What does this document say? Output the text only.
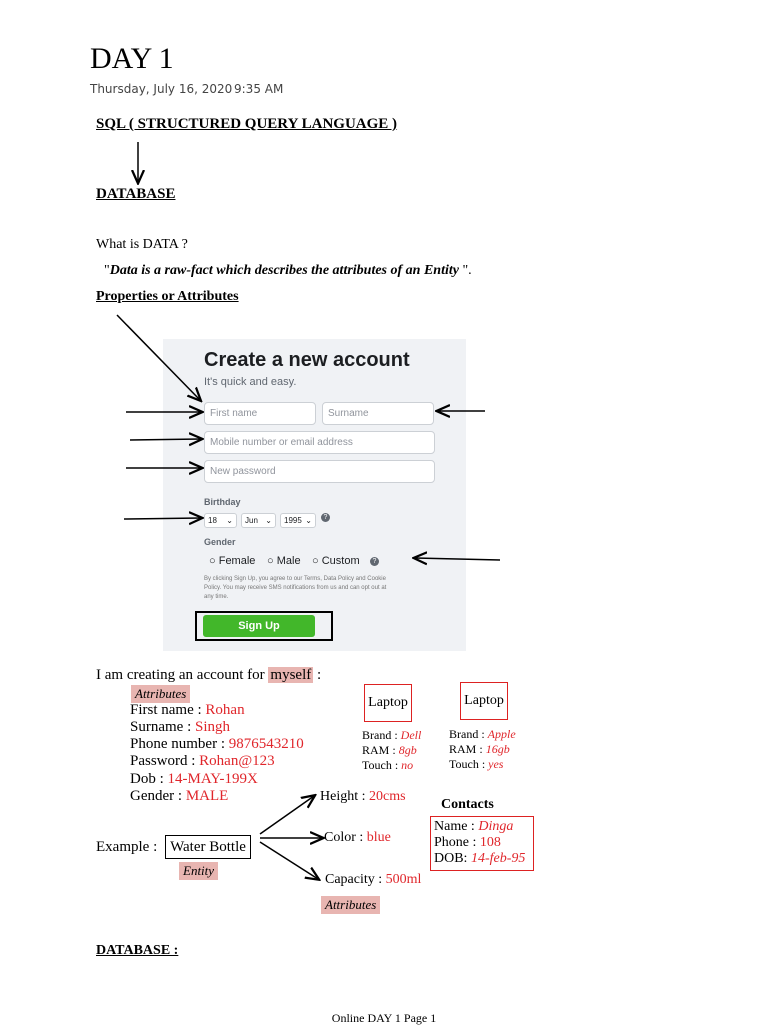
DAY 1
Thursday, July 16, 2020 9:35 AM
SQL ( STRUCTURED QUERY LANGUAGE )
DATABASE
What is DATA ?
"Data is a raw-fact which describes the attributes of an Entity ".
Properties or Attributes
Create a new account
It's quick and easy.
First name	Surname
Mobile number or email address
New password
Birthday
18 ⌄	Jun ⌄	1995 ⌄	?
Gender
○ Female ○ Male ○ Custom	?
By clicking Sign Up, you agree to our Terms, Data Policy and Cookie Policy. You may receive SMS notifications from us and can opt out at any time.
Sign Up
I am creating an account for myself :
Attributes
First name : Rohan
Surname : Singh
Phone number : 9876543210
Password : Rohan@123
Dob : 14-MAY-199X
Gender : MALE
Laptop
Brand : Dell
RAM : 8gb
Touch : no
Laptop
Brand : Apple
RAM : 16gb
Touch : yes
Contacts
Name : Dinga
Phone : 108
DOB: 14-feb-95
Example : Water Bottle
Entity
Height : 20cms
Color : blue
Capacity : 500ml
Attributes
DATABASE :
Online DAY 1 Page 1
